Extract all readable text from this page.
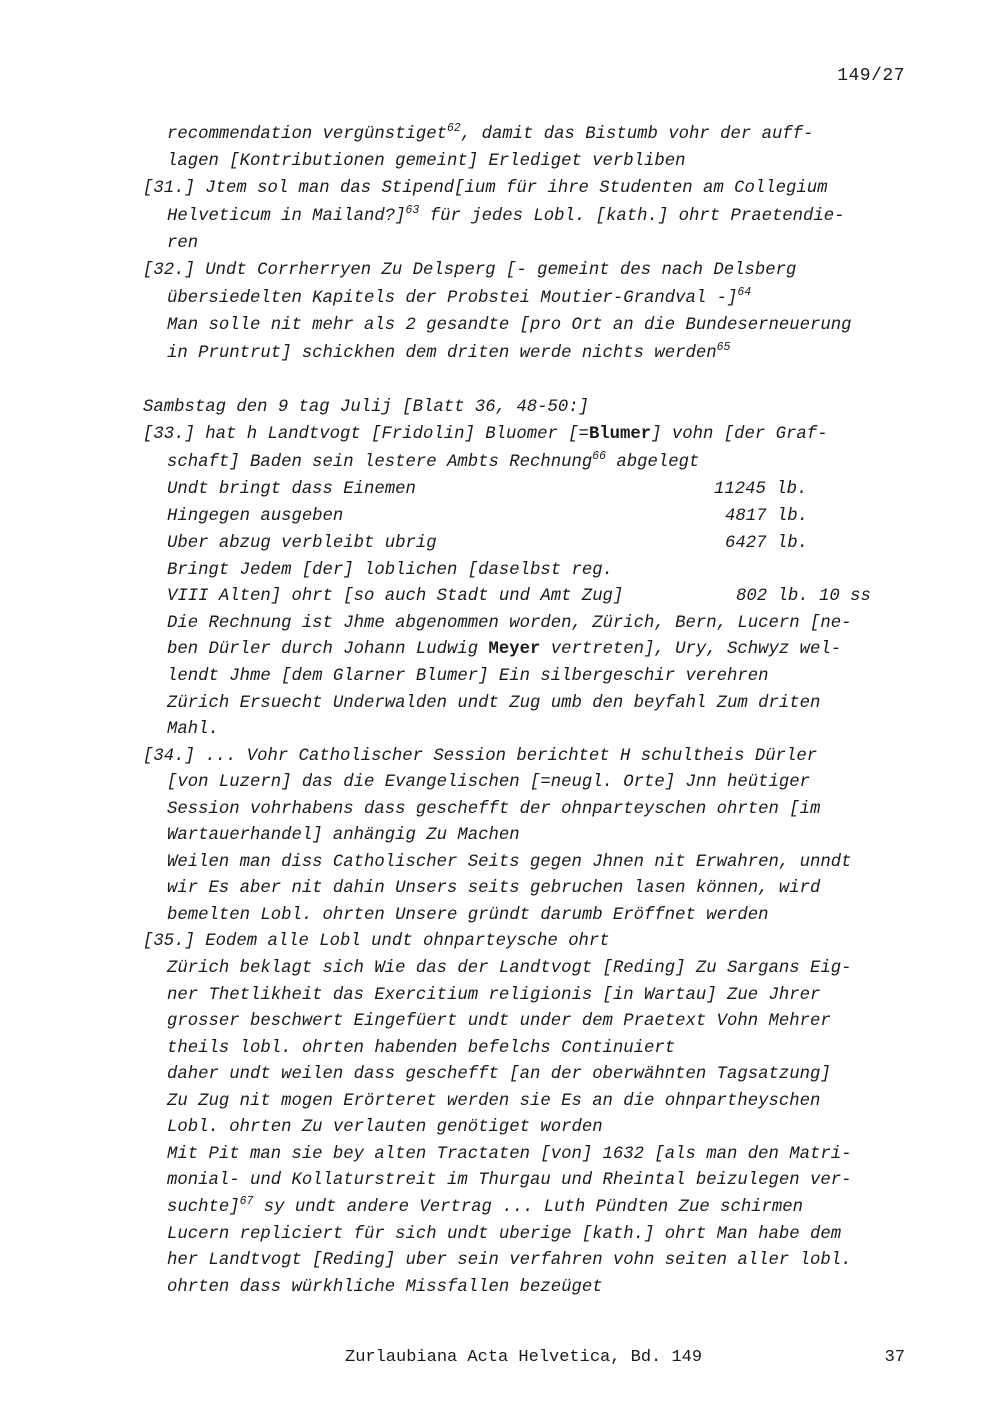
149/27
recommendation vergünstiget$^{62}$, damit das Bistumb vohr der auff-
lagen [Kontributionen gemeint] Erlediget verbliben
[31.] Jtem sol man das Stipend[ium für ihre Studenten am Collegium
Helveticum in Mailand?]$^{63}$ für jedes Lobl. [kath.] ohrt Praetendie-
ren
[32.] Undt Corrherryen Zu Delsperg [- gemeint des nach Delsberg
übersiedelten Kapitels der Probstei Moutier-Grandval -]$^{64}$
Man solle nit mehr als 2 gesandte [pro Ort an die Bundeserneuerung
in Pruntrut] schickhen dem driten werde nichts werden$^{65}$
Sambstag den 9 tag Julij [Blatt 36, 48-50:]
[33.] hat h Landtvogt [Fridolin] Bluomer [=Blumer] vohn [der Graf-
schaft] Baden sein lestere Ambts Rechnung$^{66}$ abgelegt
Undt bringt dass Einemen	11245 lb.
Hingegen ausgeben	4817 lb.
Uber abzug verbleibt ubrig	6427 lb.
Bringt Jedem [der] loblichen [daselbst reg.
VIII Alten] ohrt [so auch Stadt und Amt Zug]	802 lb. 10 ss
Die Rechnung ist Jhme abgenommen worden, Zürich, Bern, Lucern [ne-
ben Dürler durch Johann Ludwig Meyer vertreten], Ury, Schwyz wel-
lendt Jhme [dem Glarner Blumer] Ein silbergeschir verehren
Zürich Ersuecht Underwalden undt Zug umb den beyfahl Zum driten
Mahl.
[34.] ... Vohr Catholischer Session berichtet H schultheis Dürler
[von Luzern] das die Evangelischen [=neugl. Orte] Jnn heütiger
Session vohrhabens dass geschefft der ohnparteyschen ohrten [im
Wartauerhandel] anhängig Zu Machen
Weilen man diss Catholischer Seits gegen Jhnen nit Erwahren, unndt
wir Es aber nit dahin Unsers seits gebruchen lasen können, wird
bemelten Lobl. ohrten Unsere gründt darumb Eröffnet werden
[35.] Eodem alle Lobl undt ohnparteysche ohrt
Zürich beklagt sich Wie das der Landtvogt [Reding] Zu Sargans Eig-
ner Thetlikheit das Exercitium religionis [in Wartau] Zue Jhrer
grosser beschwert Eingefüert undt under dem Praetext Vohn Mehrer
theils lobl. ohrten habenden befelchs Continuiert
daher undt weilen dass geschefft [an der oberwähnten Tagsatzung]
Zu Zug nit mogen Erörteret werden sie Es an die ohnpartheyschen
Lobl. ohrten Zu verlauten genötiget worden
Mit Pit man sie bey alten Tractaten [von] 1632 [als man den Matri-
monial- und Kollaturstreit im Thurgau und Rheintal beizulegen ver-
suchte]$^{67}$ sy undt andere Vertrag ... Luth Pündten Zue schirmen
Lucern repliciert für sich undt uberige [kath.] ohrt Man habe dem
her Landtvogt [Reding] uber sein verfahren vohn seiten aller lobl.
ohrten dass würkhliche Missfallen bezeüget
Zurlaubiana Acta Helvetica, Bd. 149	37
